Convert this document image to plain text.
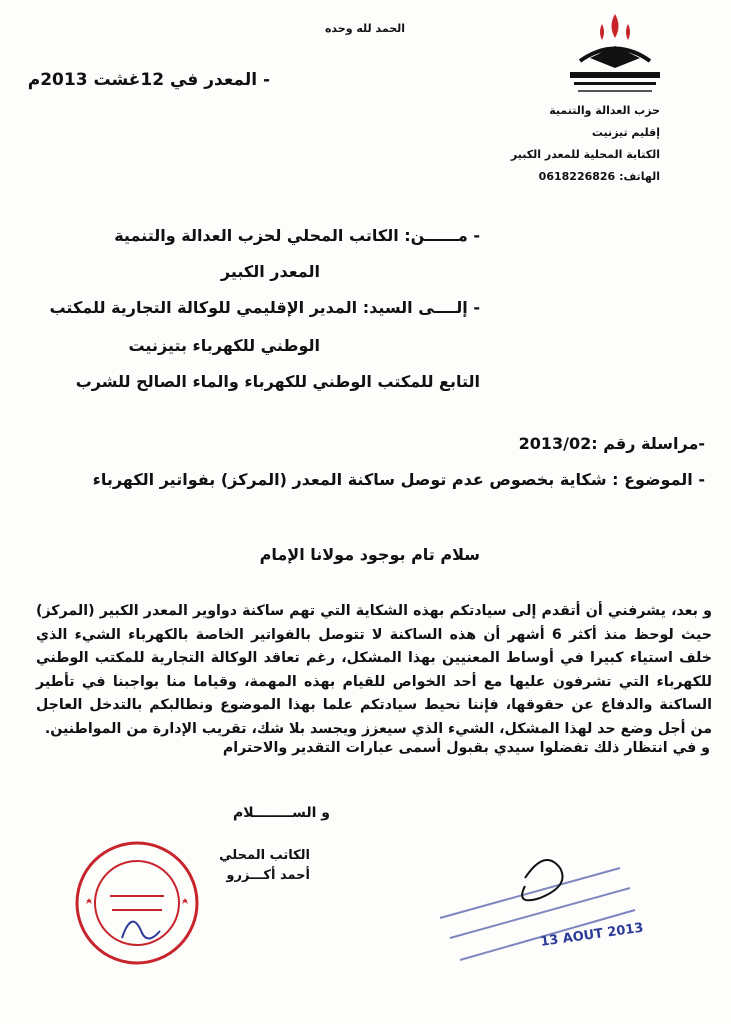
الحمد لله وحده
- المعدر في 12غشت 2013م
حزب العدالة والتنمية
إقليم تيزنيت
الكتابة المحلية للمعدر الكبير
الهاتف: 0618226826
- مــــــن: الكاتب المحلي لحزب العدالة والتنمية
المعدر الكبير
- إلــــى السيد: المدير الإقليمي للوكالة التجارية للمكتب
الوطني للكهرباء بتيزنيت
التابع للمكتب الوطني للكهرباء والماء الصالح للشرب
-مراسلة رقم :2013/02
- الموضوع : شكاية بخصوص عدم توصل ساكنة المعدر (المركز) بفواتير الكهرباء
سلام تام بوجود مولانا الإمام
و بعد، يشرفني أن أتقدم إلى سيادتكم بهذه الشكاية التي تهم ساكنة دواوير المعدر الكبير (المركز) حيث لوحظ منذ أكثر 6 أشهر أن هذه الساكنة لا تتوصل بالفواتير الخاصة بالكهرباء الشيء الذي خلف استياء كبيرا في أوساط المعنيين بهذا المشكل، رغم تعاقد الوكالة التجارية للمكتب الوطني للكهرباء التي تشرفون عليها مع أحد الخواص للقيام بهذه المهمة، وقياما منا بواجبنا في تأطير الساكنة والدفاع عن حقوقها، فإننا نحيط سيادتكم علما بهذا الموضوع ونطالبكم بالتدخل العاجل من أجل وضع حد لهذا المشكل، الشيء الذي سيعزز ويجسد بلا شك، تقريب الإدارة من المواطنين.
و في انتظار ذلك تفضلوا سيدي بقبول أسمى عبارات التقدير والاحترام
و الســــــــلام
الكاتب المحلي
أحمد أكـــزرو
13 AOUT 2013
